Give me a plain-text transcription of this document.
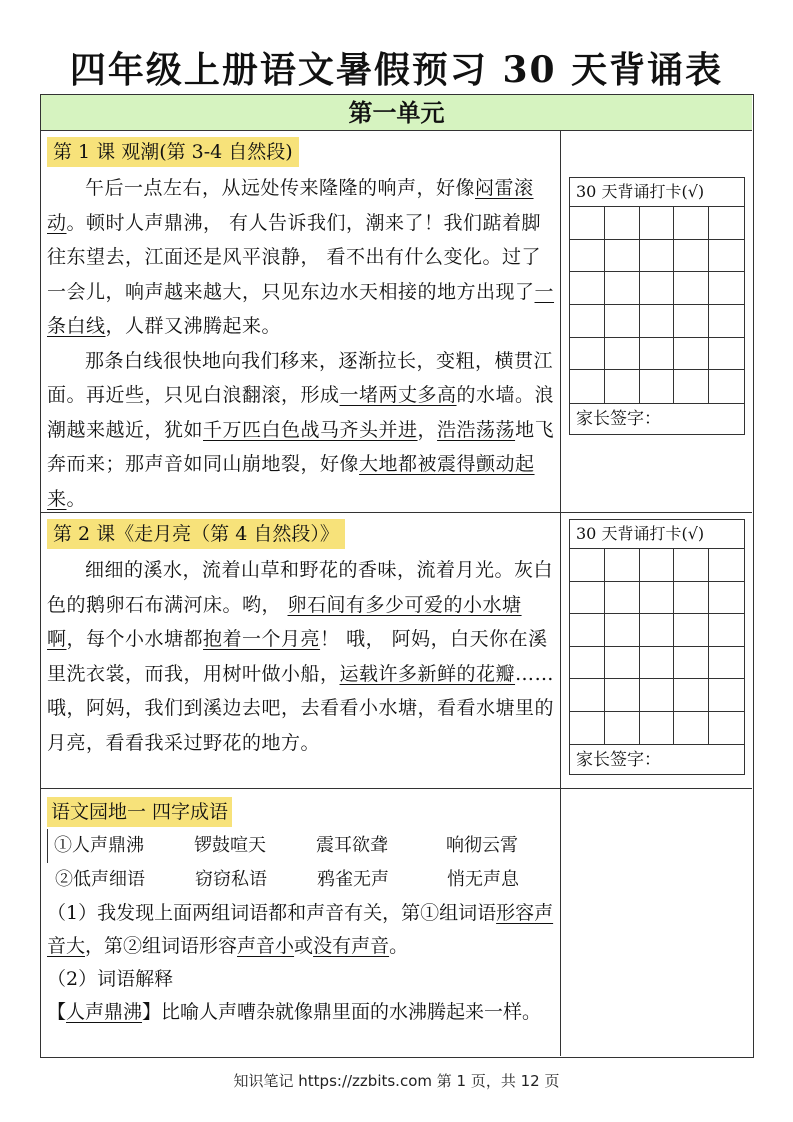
四年级上册语文暑假预习 30 天背诵表
第一单元
第 1 课 观潮(第 3-4 自然段)

午后一点左右，从远处传来隆隆的响声，好像闷雷滚动。顿时人声鼎沸， 有人告诉我们，潮来了！我们踮着脚往东望去，江面还是风平浪静， 看不出有什么变化。过了一会儿，响声越来越大，只见东边水天相接的地方出现了一条白线，人群又沸腾起来。

那条白线很快地向我们移来，逐渐拉长，变粗，横贯江面。再近些，只见白浪翻滚，形成一堵两丈多高的水墙。浪潮越来越近，犹如千万匹白色战马齐头并进，浩浩荡荡地飞奔而来；那声音如同山崩地裂，好像大地都被震得颤动起来。

30 天背诵打卡(√)
家长签字：
第 2 课《走月亮（第 4 自然段）》

细细的溪水，流着山草和野花的香味，流着月光。灰白色的鹅卵石布满河床。哟， 卵石间有多少可爱的小水塘啊，每个小水塘都抱着一个月亮！ 哦， 阿妈，白天你在溪里洗衣裳，而我，用树叶做小船，运载许多新鲜的花瓣……哦，阿妈，我们到溪边去吧，去看看小水塘，看看水塘里的月亮，看看我采过野花的地方。

30 天背诵打卡(√)
家长签字：
语文园地一 四字成语
①人声鼎沸	锣鼓喧天	震耳欲聋	响彻云霄
②低声细语	窃窃私语	鸦雀无声	悄无声息

（1）我发现上面两组词语都和声音有关，第①组词语形容声音大，第②组词语形容声音小或没有声音。

（2）词语解释

【人声鼎沸】比喻人声嘈杂就像鼎里面的水沸腾起来一样。

知识笔记 https://zzbits.com 第 1 页，共 12 页
